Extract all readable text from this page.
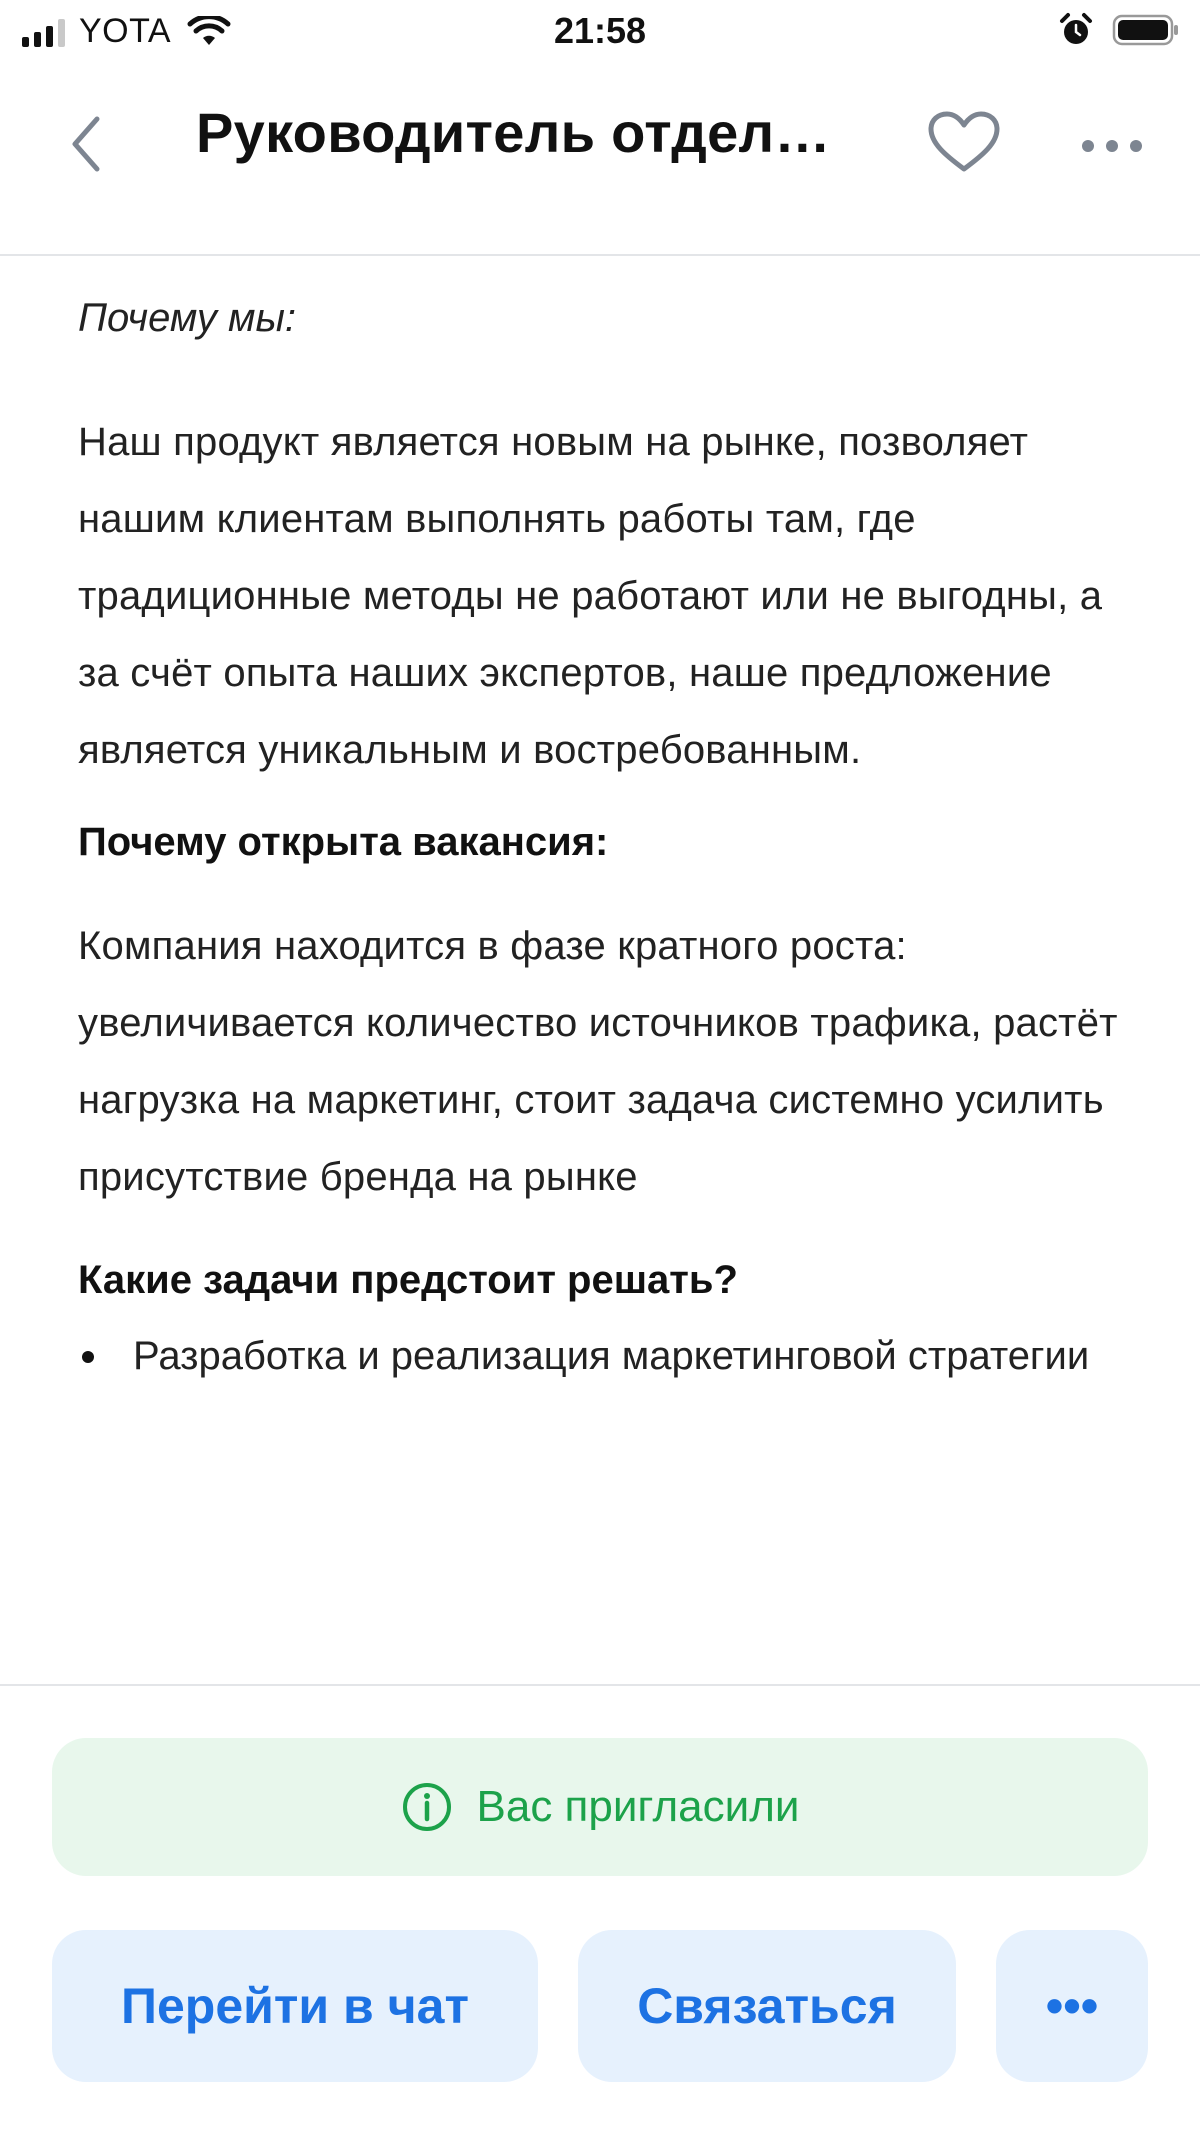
YOTA	21:58
Руководитель отдел…

Почему мы:

Наш продукт является новым на рынке, позволяет нашим клиентам выполнять работы там, где традиционные методы не работают или не выгодны, а за счёт опыта наших экспертов, наше предложение является уникальным и востребованным.

Почему открыта вакансия:

Компания находится в фазе кратного роста: увеличивается количество источников трафика, растёт нагрузка на маркетинг, стоит задача системно усилить присутствие бренда на рынке

Какие задачи предстоит решать?

Разработка и реализация маркетинговой стратегии
Вас пригласили
Перейти в чат	Связаться	•••
